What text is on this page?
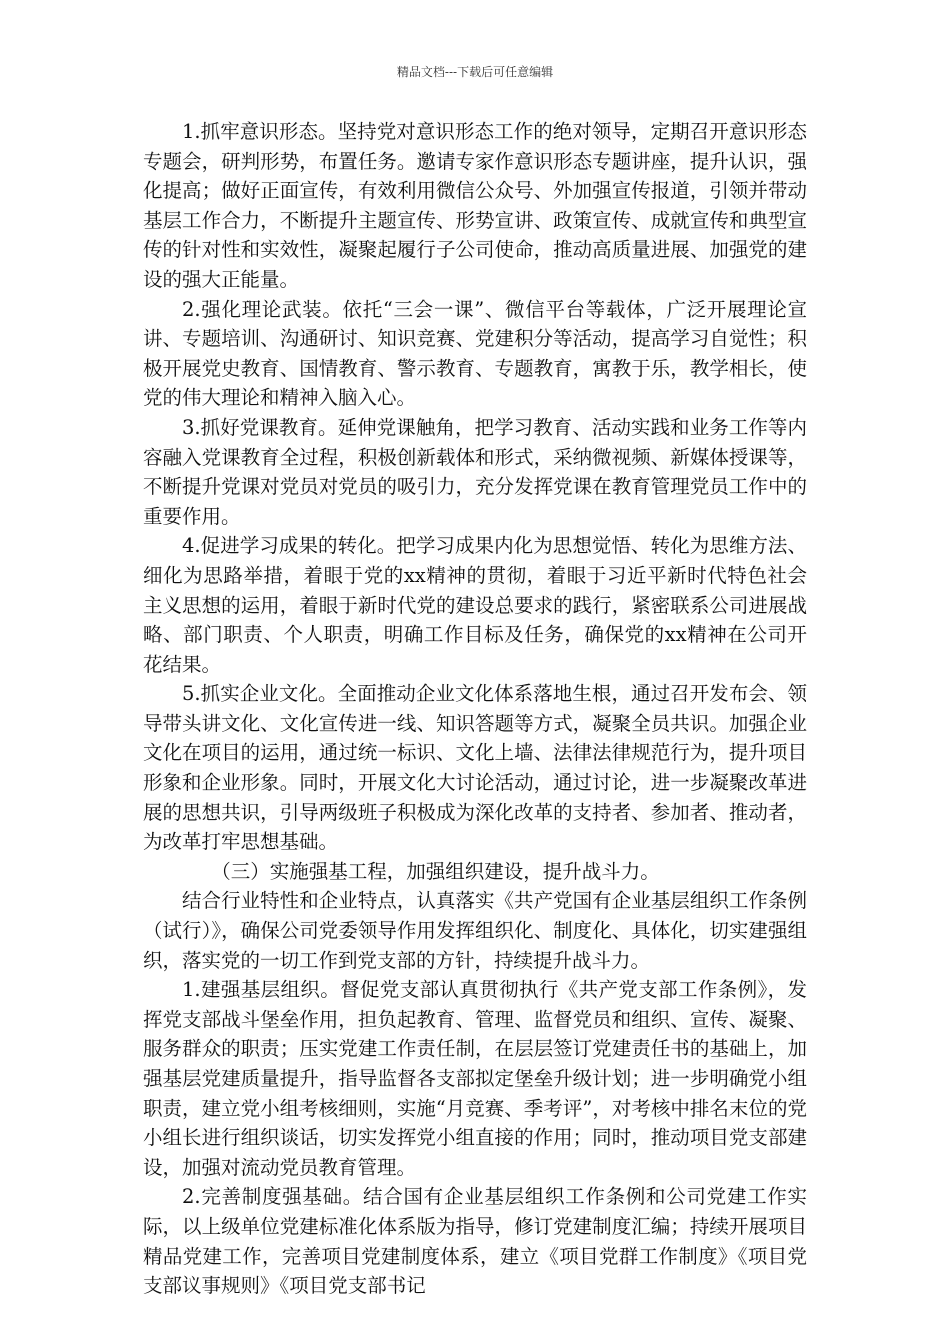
精品文档---下载后可任意编辑

1.抓牢意识形态。坚持党对意识形态工作的绝对领导，定期召开意识形态专题会，研判形势，布置任务。邀请专家作意识形态专题讲座，提升认识，强化提高；做好正面宣传，有效利用微信公众号、外加强宣传报道，引领并带动基层工作合力，不断提升主题宣传、形势宣讲、政策宣传、成就宣传和典型宣传的针对性和实效性，凝聚起履行子公司使命，推动高质量进展、加强党的建设的强大正能量。

2.强化理论武装。依托“三会一课”、微信平台等载体，广泛开展理论宣讲、专题培训、沟通研讨、知识竞赛、党建积分等活动，提高学习自觉性；积极开展党史教育、国情教育、警示教育、专题教育，寓教于乐，教学相长，使党的伟大理论和精神入脑入心。

3.抓好党课教育。延伸党课触角，把学习教育、活动实践和业务工作等内容融入党课教育全过程，积极创新载体和形式，采纳微视频、新媒体授课等，不断提升党课对党员对党员的吸引力，充分发挥党课在教育管理党员工作中的重要作用。

4.促进学习成果的转化。把学习成果内化为思想觉悟、转化为思维方法、细化为思路举措，着眼于党的xx精神的贯彻，着眼于习近平新时代特色社会主义思想的运用，着眼于新时代党的建设总要求的践行，紧密联系公司进展战略、部门职责、个人职责，明确工作目标及任务，确保党的xx精神在公司开花结果。

5.抓实企业文化。全面推动企业文化体系落地生根，通过召开发布会、领导带头讲文化、文化宣传进一线、知识答题等方式，凝聚全员共识。加强企业文化在项目的运用，通过统一标识、文化上墙、法律法律规范行为，提升项目形象和企业形象。同时，开展文化大讨论活动，通过讨论，进一步凝聚改革进展的思想共识，引导两级班子积极成为深化改革的支持者、参加者、推动者，为改革打牢思想基础。

（三）实施强基工程，加强组织建设，提升战斗力。

结合行业特性和企业特点，认真落实《共产党国有企业基层组织工作条例（试行）》，确保公司党委领导作用发挥组织化、制度化、具体化，切实建强组织，落实党的一切工作到党支部的方针，持续提升战斗力。

1.建强基层组织。督促党支部认真贯彻执行《共产党支部工作条例》，发挥党支部战斗堡垒作用，担负起教育、管理、监督党员和组织、宣传、凝聚、服务群众的职责；压实党建工作责任制，在层层签订党建责任书的基础上，加强基层党建质量提升，指导监督各支部拟定堡垒升级计划；进一步明确党小组职责，建立党小组考核细则，实施“月竞赛、季考评”，对考核中排名末位的党小组长进行组织谈话，切实发挥党小组直接的作用；同时，推动项目党支部建设，加强对流动党员教育管理。

2.完善制度强基础。结合国有企业基层组织工作条例和公司党建工作实际，以上级单位党建标准化体系版为指导，修订党建制度汇编；持续开展项目精品党建工作，完善项目党建制度体系，建立《项目党群工作制度》《项目党支部议事规则》《项目党支部书记
